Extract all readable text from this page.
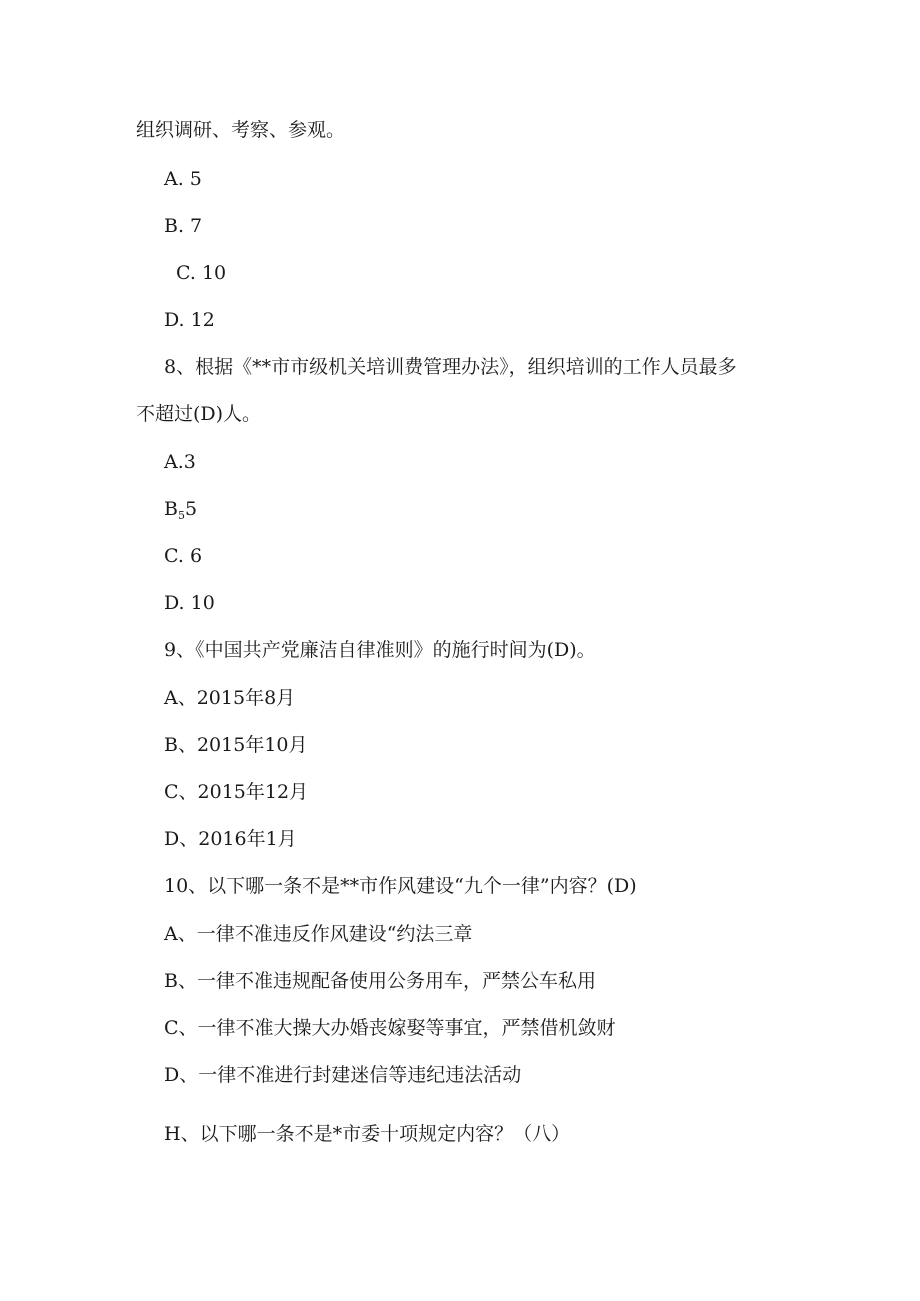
组织调研、考察、参观。

A. 5

B. 7

C. 10

D. 12

8、根据《**市市级机关培训费管理办法》，组织培训的工作人员最多

不超过(D)人。

A.3

$B_55$

C. 6

D. 10

9、《中国共产党廉洁自律准则》的施行时间为(D)。

A、2015年8月

B、2015年10月

C、2015年12月

D、2016年1月

10、以下哪一条不是**市作风建设“九个一律”内容？(D)

A、一律不准违反作风建设“约法三章

B、一律不准违规配备使用公务用车，严禁公车私用

C、一律不准大操大办婚丧嫁娶等事宜，严禁借机敛财

D、一律不准进行封建迷信等违纪违法活动

H、以下哪一条不是*市委十项规定内容？（八）
